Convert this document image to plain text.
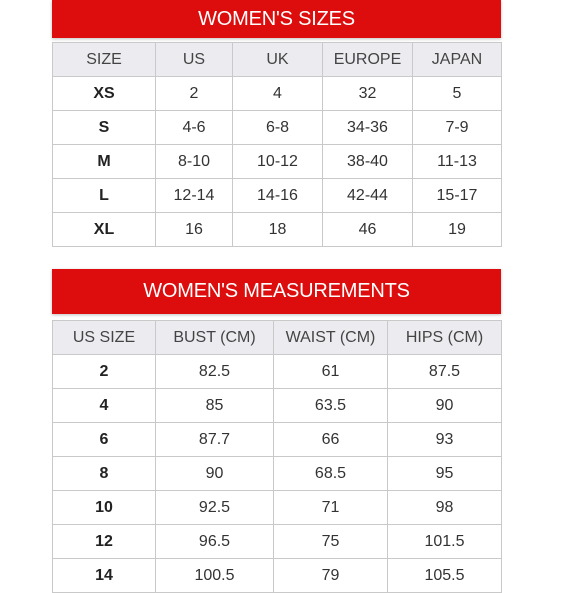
WOMEN'S SIZES
SIZE	US	UK	EUROPE	JAPAN
XS	2	4	32	5
S	4-6	6-8	34-36	7-9
M	8-10	10-12	38-40	11-13
L	12-14	14-16	42-44	15-17
XL	16	18	46	19
WOMEN'S MEASUREMENTS
US SIZE	BUST (CM)	WAIST (CM)	HIPS (CM)
2	82.5	61	87.5
4	85	63.5	90
6	87.7	66	93
8	90	68.5	95
10	92.5	71	98
12	96.5	75	101.5
14	100.5	79	105.5
